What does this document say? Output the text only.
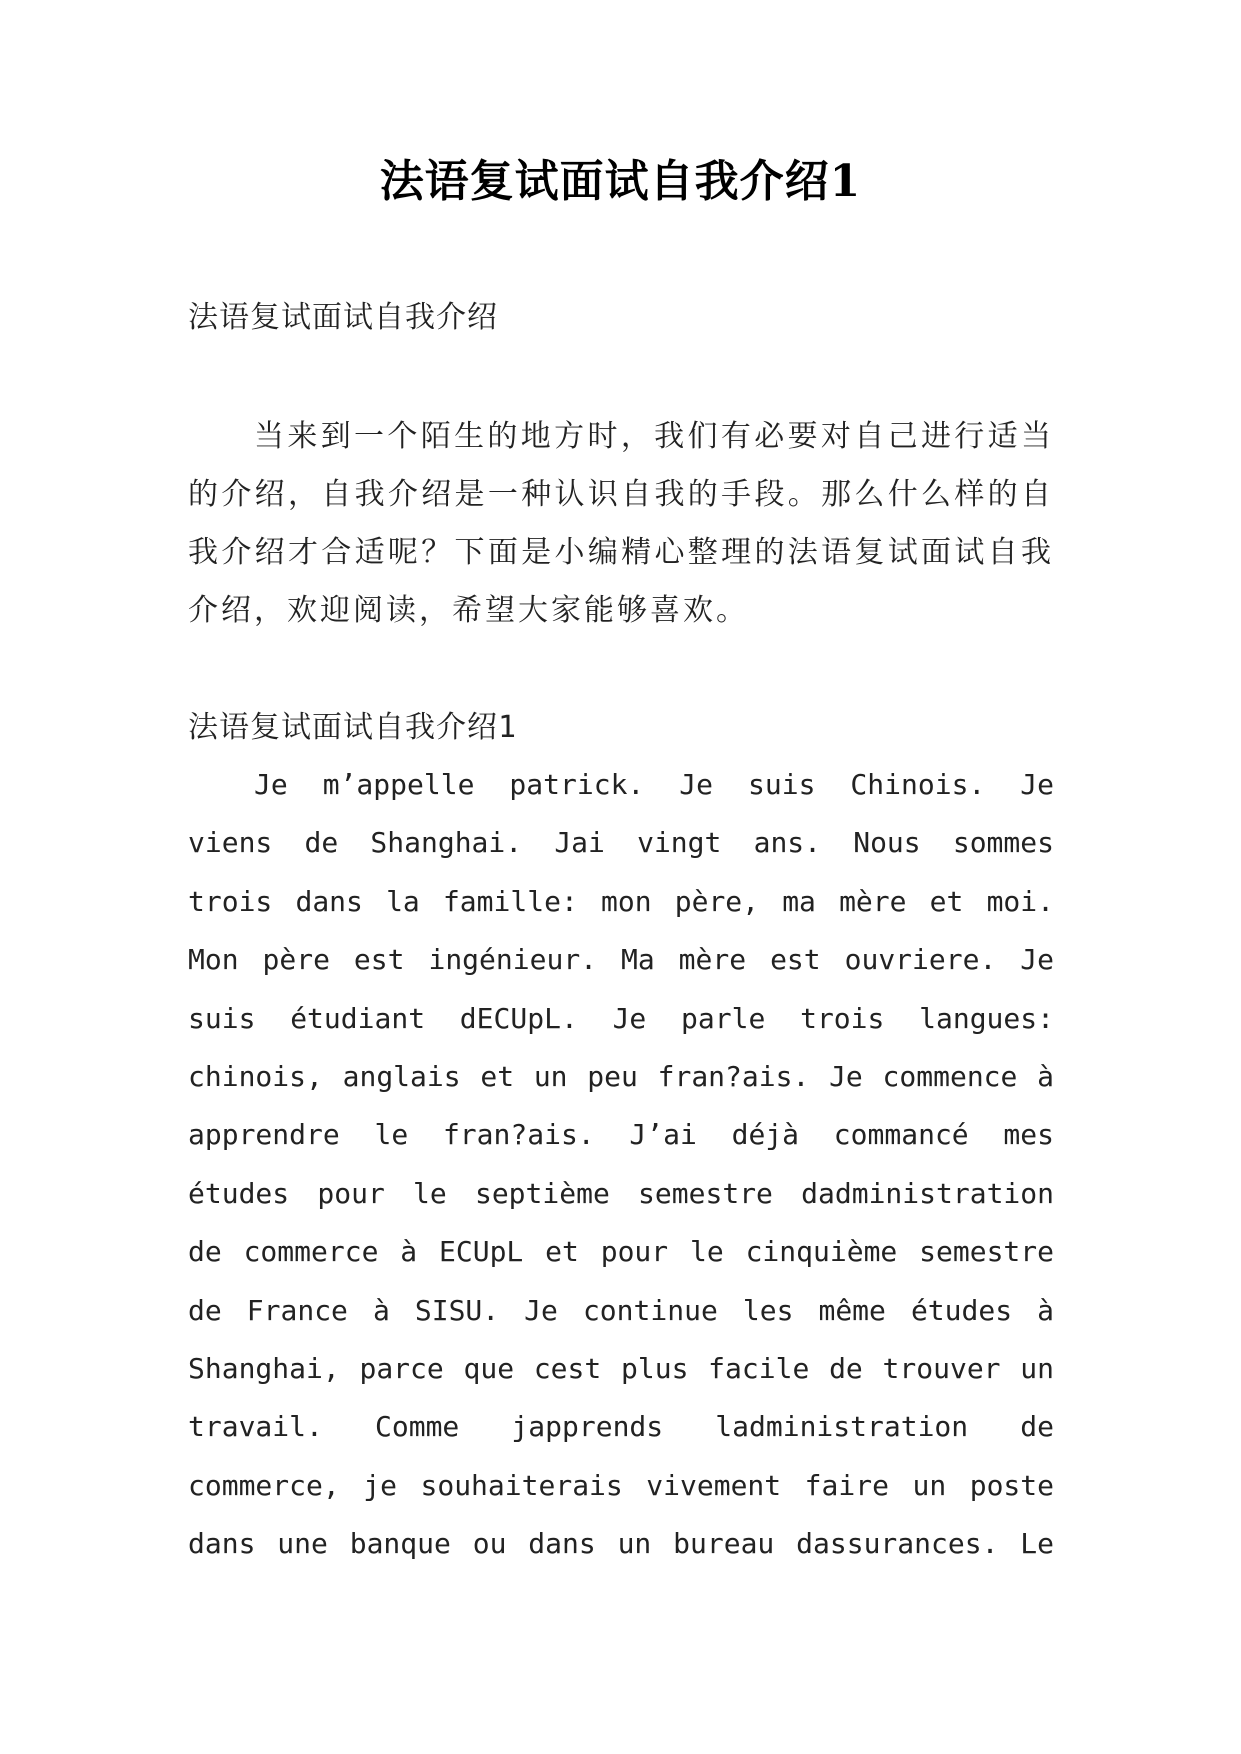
法语复试面试自我介绍1
法语复试面试自我介绍
当来到一个陌生的地方时，我们有必要对自己进行适当的介绍，自我介绍是一种认识自我的手段。那么什么样的自我介绍才合适呢？下面是小编精心整理的法语复试面试自我介绍，欢迎阅读，希望大家能够喜欢。
法语复试面试自我介绍1
Je m’appelle patrick. Je suis Chinois. Je viens de Shanghai. Jai vingt ans. Nous sommes trois dans la famille: mon père, ma mère et moi. Mon père est ingénieur. Ma mère est ouvriere. Je suis étudiant dECUpL. Je parle trois langues: chinois, anglais et un peu fran?ais. Je commence à apprendre le fran?ais. J’ai déjà commancé mes études pour le septième semestre dadministration de commerce à ECUpL et pour le cinquième semestre de France à SISU. Je continue les même études à Shanghai, parce que cest plus facile de trouver un travail. Comme japprends ladministration de commerce, je souhaiterais vivement faire un poste dans une banque ou dans un bureau dassurances. Le
